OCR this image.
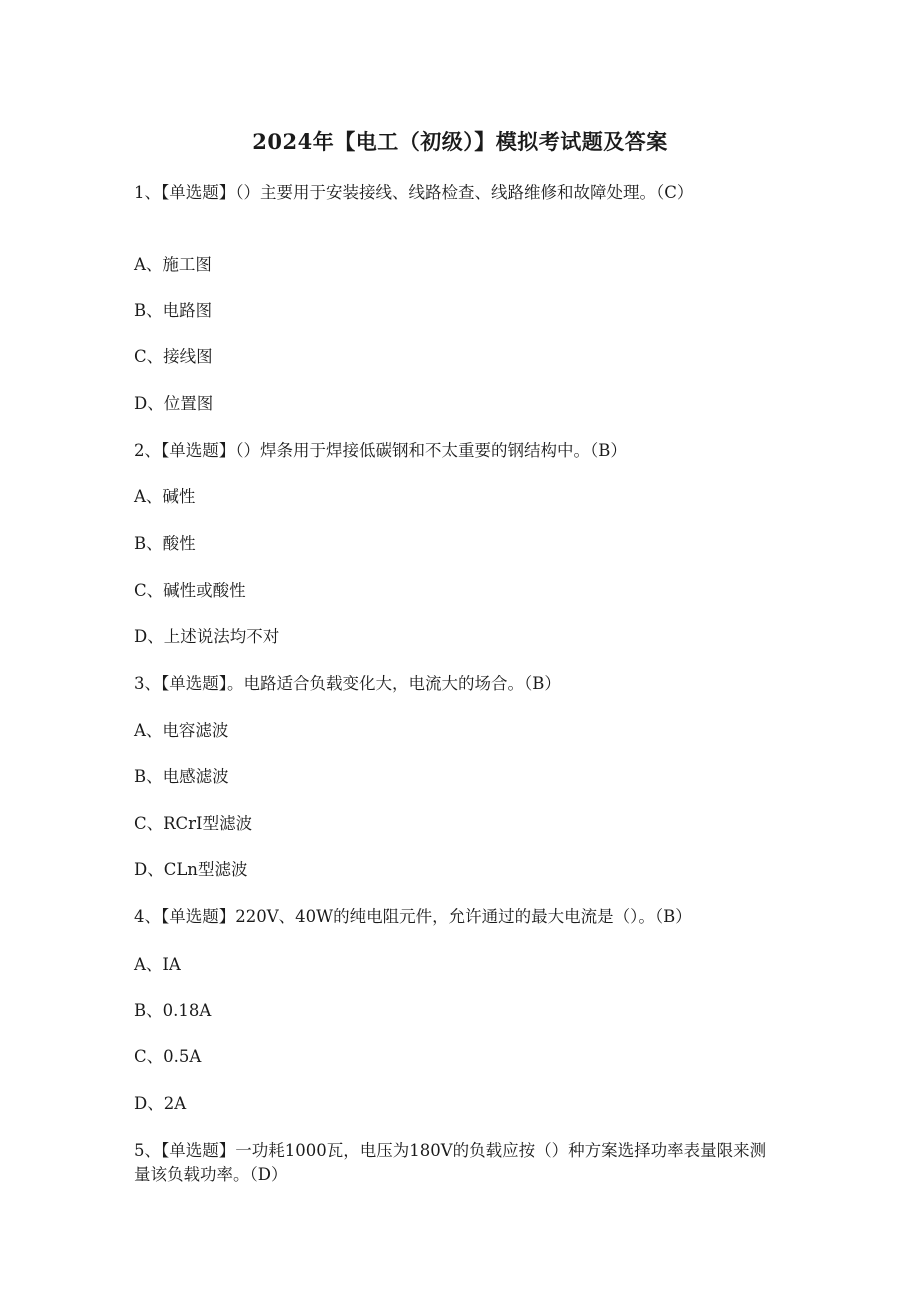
2024年【电工（初级）】模拟考试题及答案
1、【单选题】（）主要用于安装接线、线路检查、线路维修和故障处理。（C）
A、施工图
B、电路图
C、接线图
D、位置图
2、【单选题】（）焊条用于焊接低碳钢和不太重要的钢结构中。（B）
A、碱性
B、酸性
C、碱性或酸性
D、上述说法均不对
3、【单选题】。电路适合负载变化大，电流大的场合。（B）
A、电容滤波
B、电感滤波
C、RCrI型滤波
D、CLn型滤波
4、【单选题】220V、40W的纯电阻元件，允许通过的最大电流是（）。（B）
A、IA
B、0.18A
C、0.5A
D、2A
5、【单选题】一功耗1000瓦，电压为180V的负载应按（）种方案选择功率表量限来测量该负载功率。（D）
